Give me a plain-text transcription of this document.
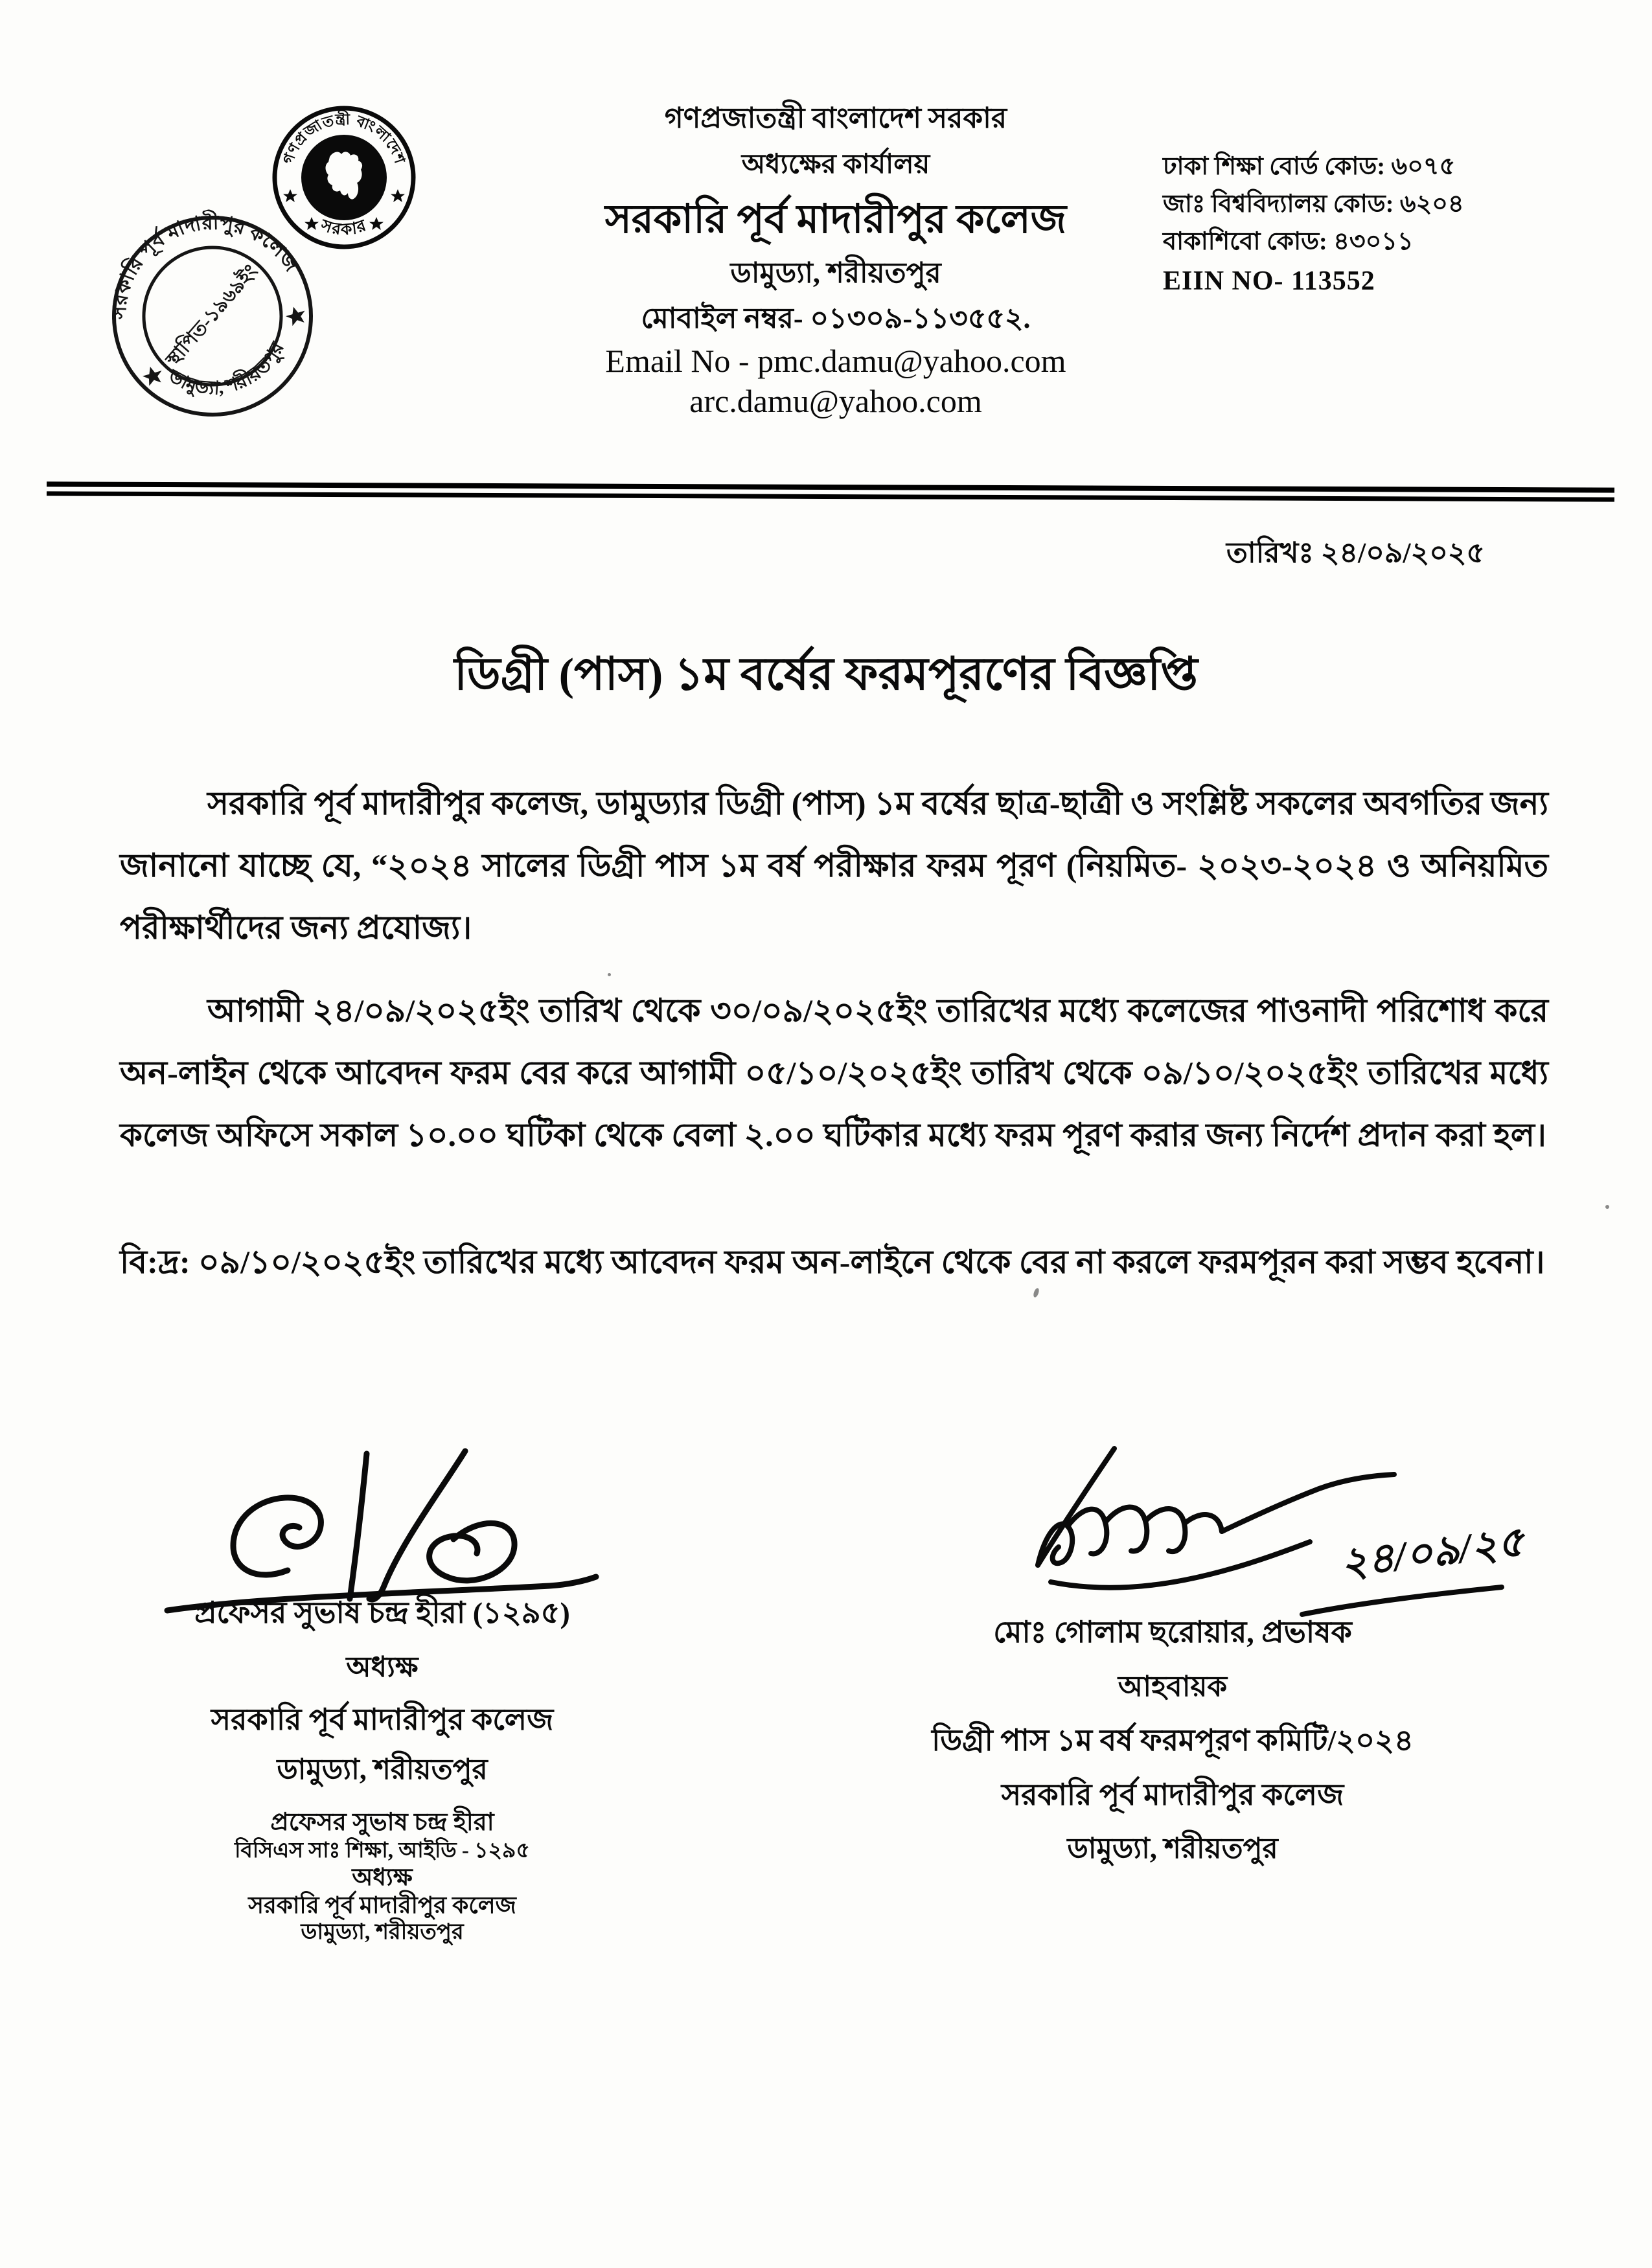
গণপ্রজাতন্ত্রী বাংলাদেশ
সরকার
সরকারি পূর্ব মাদারীপুর কলেজ
ডামুড্যা, শরীয়তপুর
স্থাপিত-১৯৬৯ইং
গণপ্রজাতন্ত্রী বাংলাদেশ সরকার
অধ্যক্ষের কার্যালয়
সরকারি পূর্ব মাদারীপুর কলেজ
ডামুড্যা, শরীয়তপুর
মোবাইল নম্বর- ০১৩০৯-১১৩৫৫২.
Email No - pmc.damu@yahoo.com
arc.damu@yahoo.com
ঢাকা শিক্ষা বোর্ড কোড: ৬০৭৫
জাঃ বিশ্ববিদ্যালয় কোড: ৬২০৪
বাকাশিবো কোড: ৪৩০১১
EIIN NO- 113552
তারিখঃ ২৪/০৯/২০২৫
ডিগ্রী (পাস) ১ম বর্ষের ফরমপূরণের বিজ্ঞপ্তি
সরকারি পূর্ব মাদারীপুর কলেজ, ডামুড্যার ডিগ্রী (পাস) ১ম বর্ষের ছাত্র-ছাত্রী ও সংশ্লিষ্ট সকলের অবগতির জন্য জানানো যাচ্ছে যে, “২০২৪ সালের ডিগ্রী পাস ১ম বর্ষ পরীক্ষার ফরম পূরণ (নিয়মিত- ২০২৩-২০২৪ ও অনিয়মিত পরীক্ষার্থীদের জন্য প্রযোজ্য।
আগামী ২৪/০৯/২০২৫ইং তারিখ থেকে ৩০/০৯/২০২৫ইং তারিখের মধ্যে কলেজের পাওনাদী পরিশোধ করে অন-লাইন থেকে আবেদন ফরম বের করে আগামী ০৫/১০/২০২৫ইং তারিখ থেকে ০৯/১০/২০২৫ইং তারিখের মধ্যে কলেজ অফিসে সকাল ১০.০০ ঘটিকা থেকে বেলা ২.০০ ঘটিকার মধ্যে ফরম পূরণ করার জন্য নির্দেশ প্রদান করা হল।
বি:দ্র: ০৯/১০/২০২৫ইং তারিখের মধ্যে আবেদন ফরম অন-লাইনে থেকে বের না করলে ফরমপূরন করা সম্ভব হবেনা।
২৪/০৯/২৫
প্রফেসর সুভাষ চন্দ্র হীরা (১২৯৫)
অধ্যক্ষ
সরকারি পূর্ব মাদারীপুর কলেজ
ডামুড্যা, শরীয়তপুর
প্রফেসর সুভাষ চন্দ্র হীরা
বিসিএস সাঃ শিক্ষা, আইডি - ১২৯৫
অধ্যক্ষ
সরকারি পূর্ব মাদারীপুর কলেজ
ডামুড্যা, শরীয়তপুর
মোঃ গোলাম ছরোয়ার, প্রভাষক
আহবায়ক
ডিগ্রী পাস ১ম বর্ষ ফরমপূরণ কমিটি/২০২৪
সরকারি পূর্ব মাদারীপুর কলেজ
ডামুড্যা, শরীয়তপুর
